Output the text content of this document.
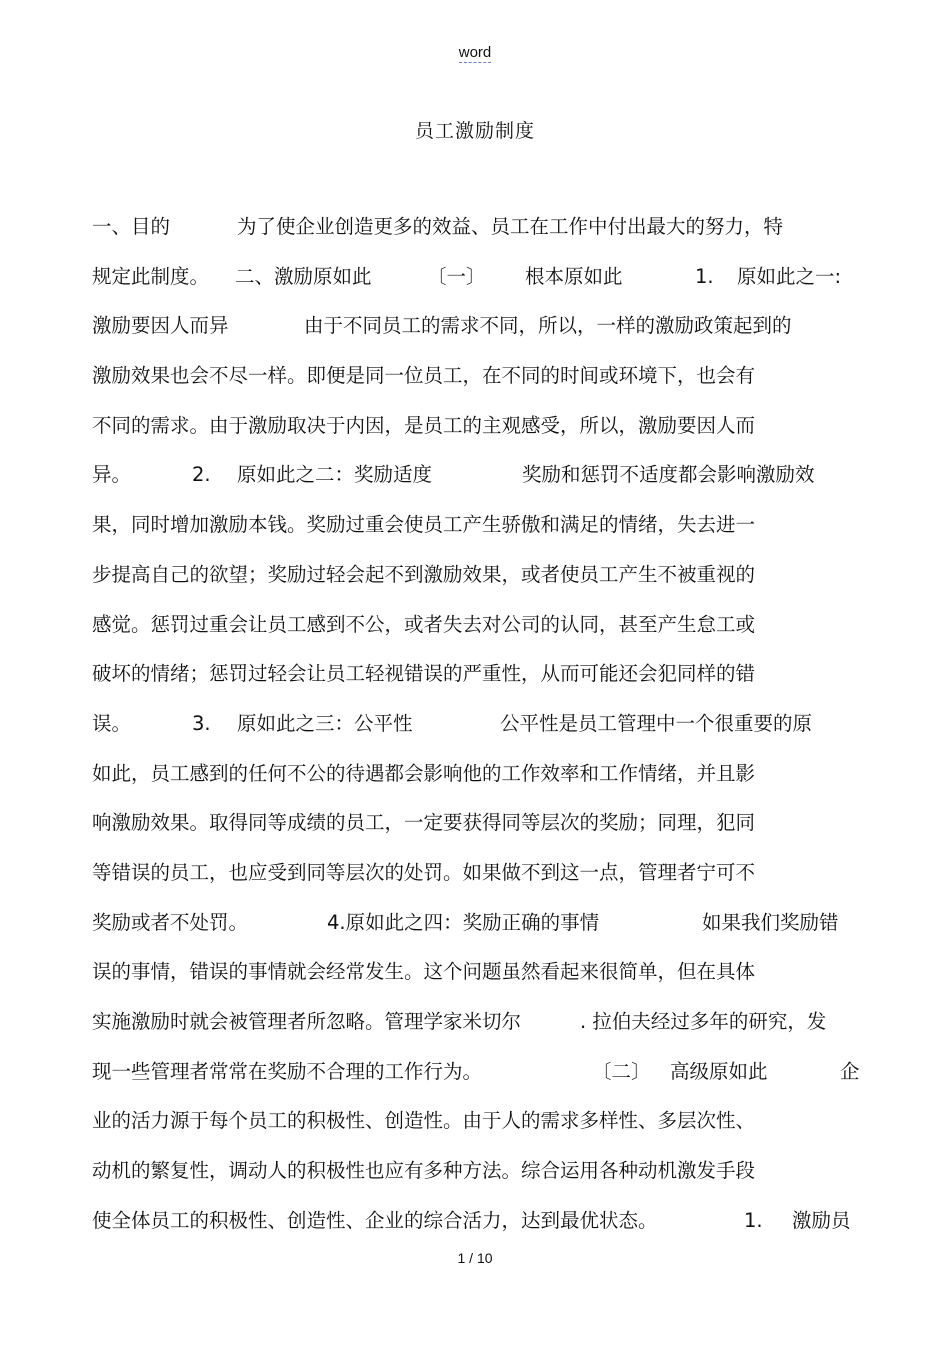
word
员工激励制度
一、目的	为了使企业创造更多的效益、员工在工作中付出最大的努力，特
规定此制度。 二、激励原如此	〔一〕 根本原如此	1. 原如此之一:
激励要因人而异	由于不同员工的需求不同，所以，一样的激励政策起到的
激励效果也会不尽一样。即便是同一位员工，在不同的时间或环境下，也会有
不同的需求。由于激励取决于内因，是员工的主观感受，所以，激励要因人而
异。	2. 原如此之二：奖励适度	奖励和惩罚不适度都会影响激励效
果，同时增加激励本钱。奖励过重会使员工产生骄傲和满足的情绪，失去进一
步提高自己的欲望；奖励过轻会起不到激励效果，或者使员工产生不被重视的
感觉。惩罚过重会让员工感到不公，或者失去对公司的认同，甚至产生怠工或
破坏的情绪；惩罚过轻会让员工轻视错误的严重性，从而可能还会犯同样的错
误。	3. 原如此之三：公平性	公平性是员工管理中一个很重要的原
如此，员工感到的任何不公的待遇都会影响他的工作效率和工作情绪，并且影
响激励效果。取得同等成绩的员工，一定要获得同等层次的奖励；同理，犯同
等错误的员工，也应受到同等层次的处罚。如果做不到这一点，管理者宁可不
奖励或者不处罚。	4.原如此之四：奖励正确的事情	如果我们奖励错
误的事情，错误的事情就会经常发生。这个问题虽然看起来很简单，但在具体
实施激励时就会被管理者所忽略。管理学家米切尔	. 拉伯夫经过多年的研究，发
现一些管理者常常在奖励不合理的工作行为。	〔二〕 高级原如此	企
业的活力源于每个员工的积极性、创造性。由于人的需求多样性、多层次性、
动机的繁复性，调动人的积极性也应有多种方法。综合运用各种动机激发手段
使全体员工的积极性、创造性、企业的综合活力，达到最优状态。	1. 激励员
1 / 10
